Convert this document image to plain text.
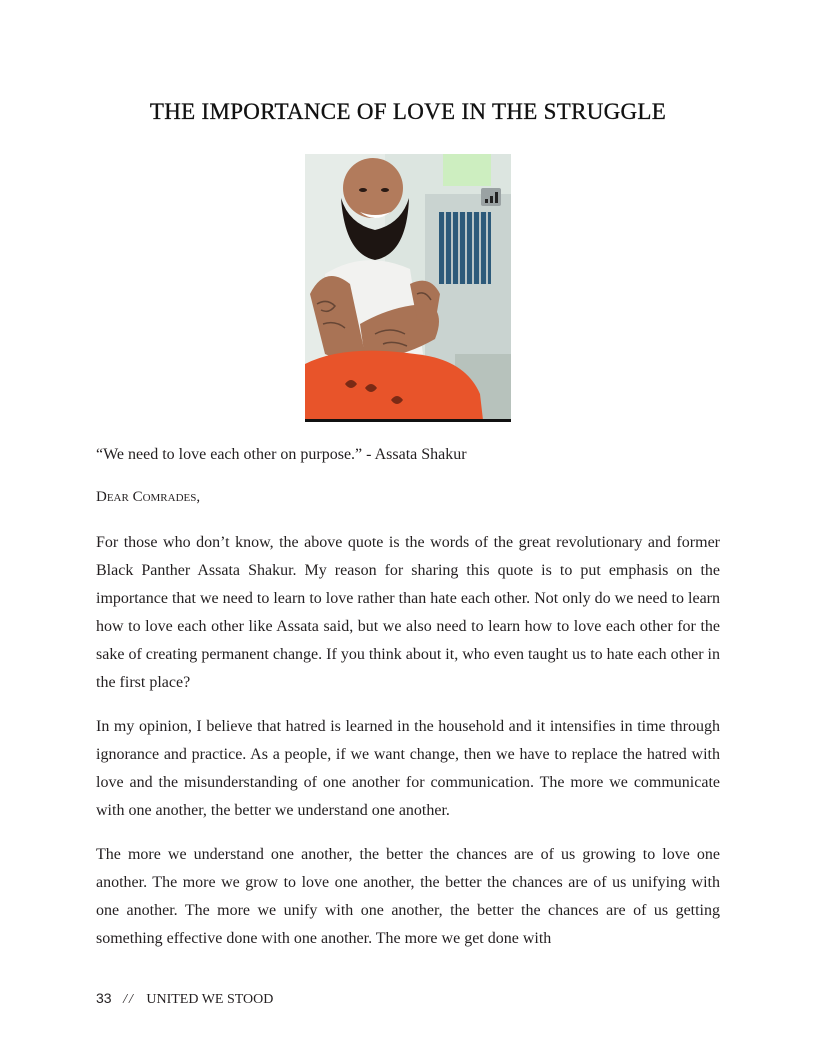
THE IMPORTANCE OF LOVE IN THE STRUGGLE

“We need to love each other on purpose.” - Assata Shakur

Dear Comrades,

For those who don’t know, the above quote is the words of the great revolutionary and former Black Panther Assata Shakur. My reason for sharing this quote is to put emphasis on the importance that we need to learn to love rather than hate each other. Not only do we need to learn how to love each other like Assata said, but we also need to learn how to love each other for the sake of creating permanent change. If you think about it, who even taught us to hate each other in the first place?

In my opinion, I believe that hatred is learned in the household and it intensifies in time through ignorance and practice. As a people, if we want change, then we have to replace the hatred with love and the misunderstanding of one another for communication. The more we communicate with one another, the better we understand one another.

The more we understand one another, the better the chances are of us growing to love one another. The more we grow to love one another, the better the chances are of us unifying with one another. The more we unify with one another, the better the chances are of us getting something effective done with one another. The more we get done with

33 // UNITED WE STOOD
